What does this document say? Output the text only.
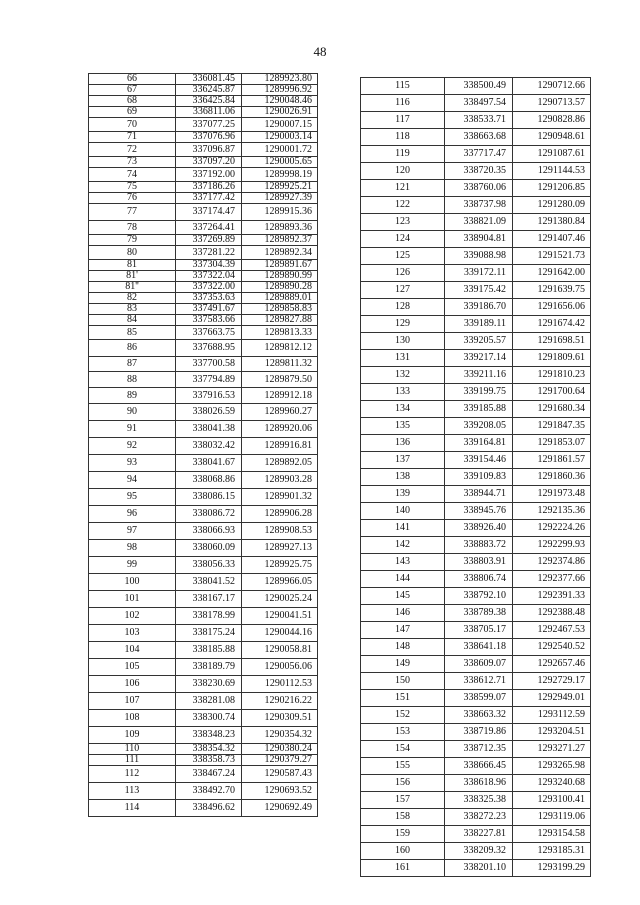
48
66	336081.45	1289923.80
67	336245.87	1289996.92
68	336425.84	1290048.46
69	336811.06	1290026.91
70	337077.25	1290007.15
71	337076.96	1290003.14
72	337096.87	1290001.72
73	337097.20	1290005.65
74	337192.00	1289998.19
75	337186.26	1289925.21
76	337177.42	1289927.39
77	337174.47	1289915.36
78	337264.41	1289893.36
79	337269.89	1289892.37
80	337281.22	1289892.34
81	337304.39	1289891.67
81'	337322.04	1289890.99
81''	337322.00	1289890.28
82	337353.63	1289889.01
83	337491.67	1289858.83
84	337583.66	1289827.88
85	337663.75	1289813.33
86	337688.95	1289812.12
87	337700.58	1289811.32
88	337794.89	1289879.50
89	337916.53	1289912.18
90	338026.59	1289960.27
91	338041.38	1289920.06
92	338032.42	1289916.81
93	338041.67	1289892.05
94	338068.86	1289903.28
95	338086.15	1289901.32
96	338086.72	1289906.28
97	338066.93	1289908.53
98	338060.09	1289927.13
99	338056.33	1289925.75
100	338041.52	1289966.05
101	338167.17	1290025.24
102	338178.99	1290041.51
103	338175.24	1290044.16
104	338185.88	1290058.81
105	338189.79	1290056.06
106	338230.69	1290112.53
107	338281.08	1290216.22
108	338300.74	1290309.51
109	338348.23	1290354.32
110	338354.32	1290380.24
111	338358.73	1290379.27
112	338467.24	1290587.43
113	338492.70	1290693.52
114	338496.62	1290692.49
115	338500.49	1290712.66
116	338497.54	1290713.57
117	338533.71	1290828.86
118	338663.68	1290948.61
119	337717.47	1291087.61
120	338720.35	1291144.53
121	338760.06	1291206.85
122	338737.98	1291280.09
123	338821.09	1291380.84
124	338904.81	1291407.46
125	339088.98	1291521.73
126	339172.11	1291642.00
127	339175.42	1291639.75
128	339186.70	1291656.06
129	339189.11	1291674.42
130	339205.57	1291698.51
131	339217.14	1291809.61
132	339211.16	1291810.23
133	339199.75	1291700.64
134	339185.88	1291680.34
135	339208.05	1291847.35
136	339164.81	1291853.07
137	339154.46	1291861.57
138	339109.83	1291860.36
139	338944.71	1291973.48
140	338945.76	1292135.36
141	338926.40	1292224.26
142	338883.72	1292299.93
143	338803.91	1292374.86
144	338806.74	1292377.66
145	338792.10	1292391.33
146	338789.38	1292388.48
147	338705.17	1292467.53
148	338641.18	1292540.52
149	338609.07	1292657.46
150	338612.71	1292729.17
151	338599.07	1292949.01
152	338663.32	1293112.59
153	338719.86	1293204.51
154	338712.35	1293271.27
155	338666.45	1293265.98
156	338618.96	1293240.68
157	338325.38	1293100.41
158	338272.23	1293119.06
159	338227.81	1293154.58
160	338209.32	1293185.31
161	338201.10	1293199.29
